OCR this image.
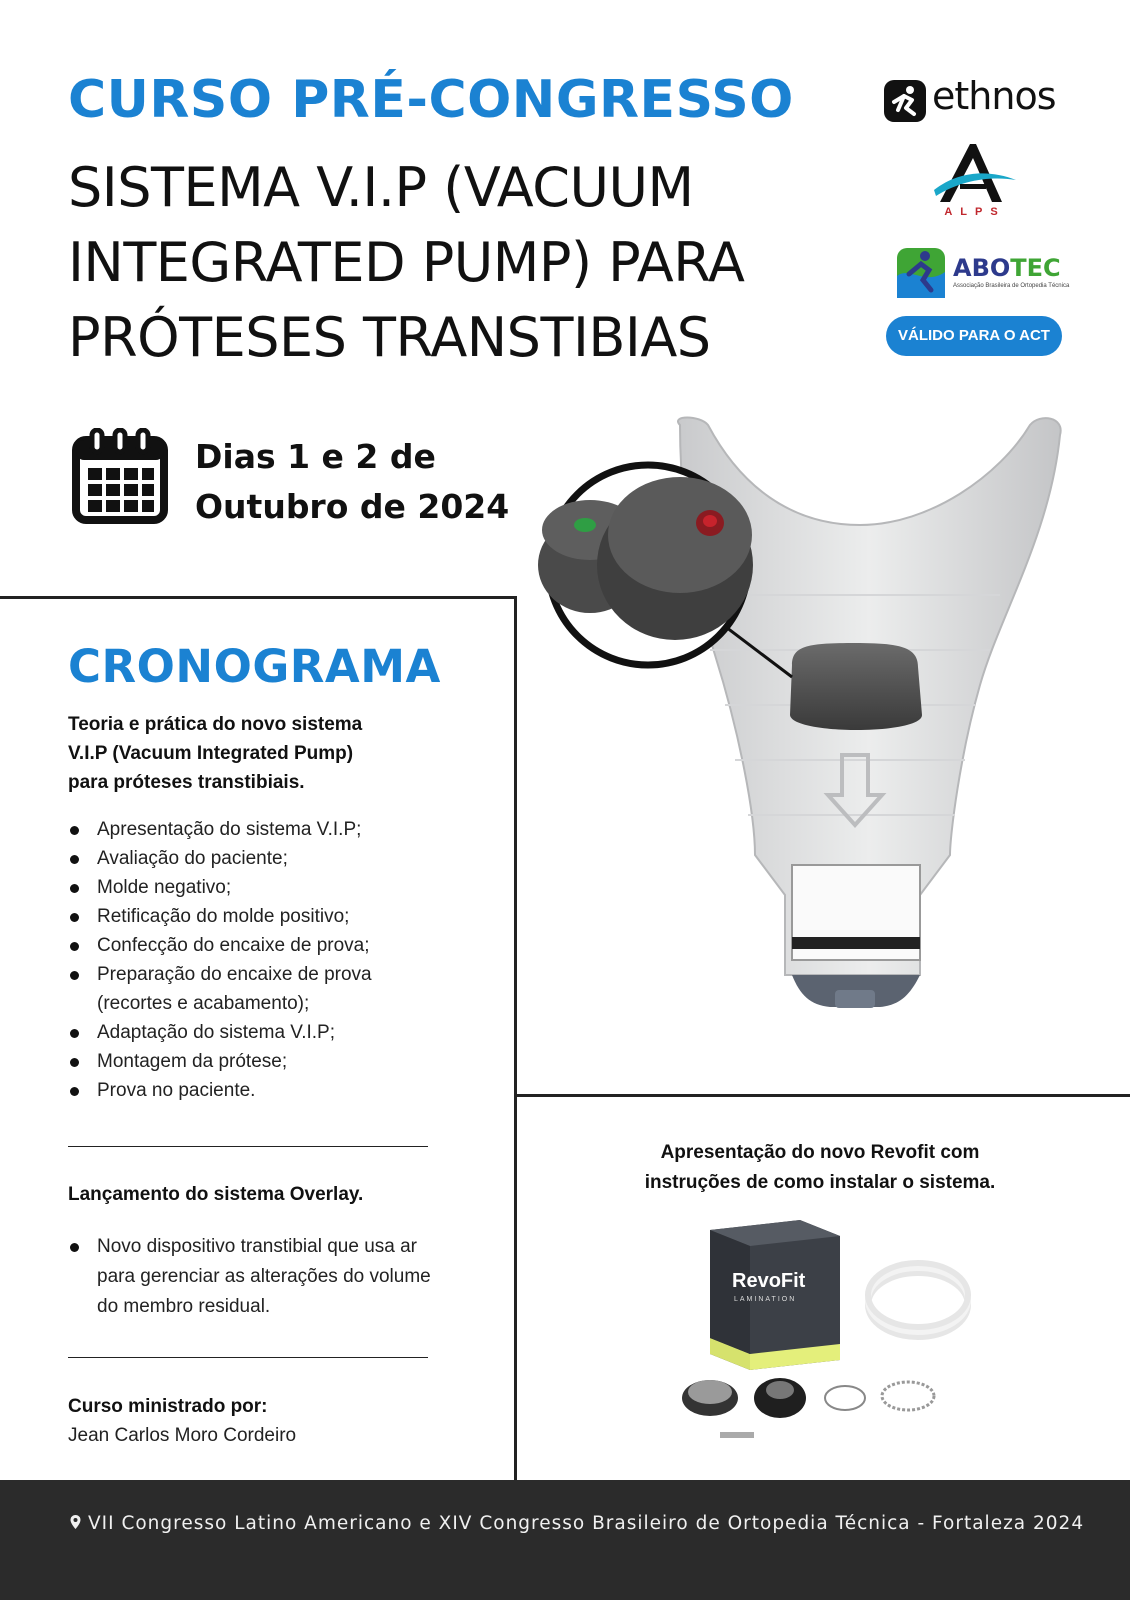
CURSO PRÉ-CONGRESSO
SISTEMA V.I.P (VACUUM
INTEGRATED PUMP) PARA
PRÓTESES TRANSTIBIAS
ethnos
ALPS
ABOTEC
Associação Brasileira de Ortopedia Técnica
VÁLIDO PARA O ACT
Dias 1 e 2 de
Outubro de 2024
CRONOGRAMA
Teoria e prática do novo sistema
V.I.P (Vacuum Integrated Pump)
para próteses transtibiais.
Apresentação do sistema V.I.P;
Avaliação do paciente;
Molde negativo;
Retificação do molde positivo;
Confecção do encaixe de prova;
Preparação do encaixe de prova (recortes e acabamento);
Adaptação do sistema V.I.P;
Montagem da prótese;
Prova no paciente.
Lançamento do sistema Overlay.
Novo dispositivo transtibial que usa ar para gerenciar as alterações do volume do membro residual.
Curso ministrado por:
Jean Carlos Moro Cordeiro
Apresentação do novo Revofit com
instruções de como instalar o sistema.
RevoFit
LAMINATION
VII Congresso Latino Americano e XIV Congresso Brasileiro de Ortopedia Técnica - Fortaleza 2024
